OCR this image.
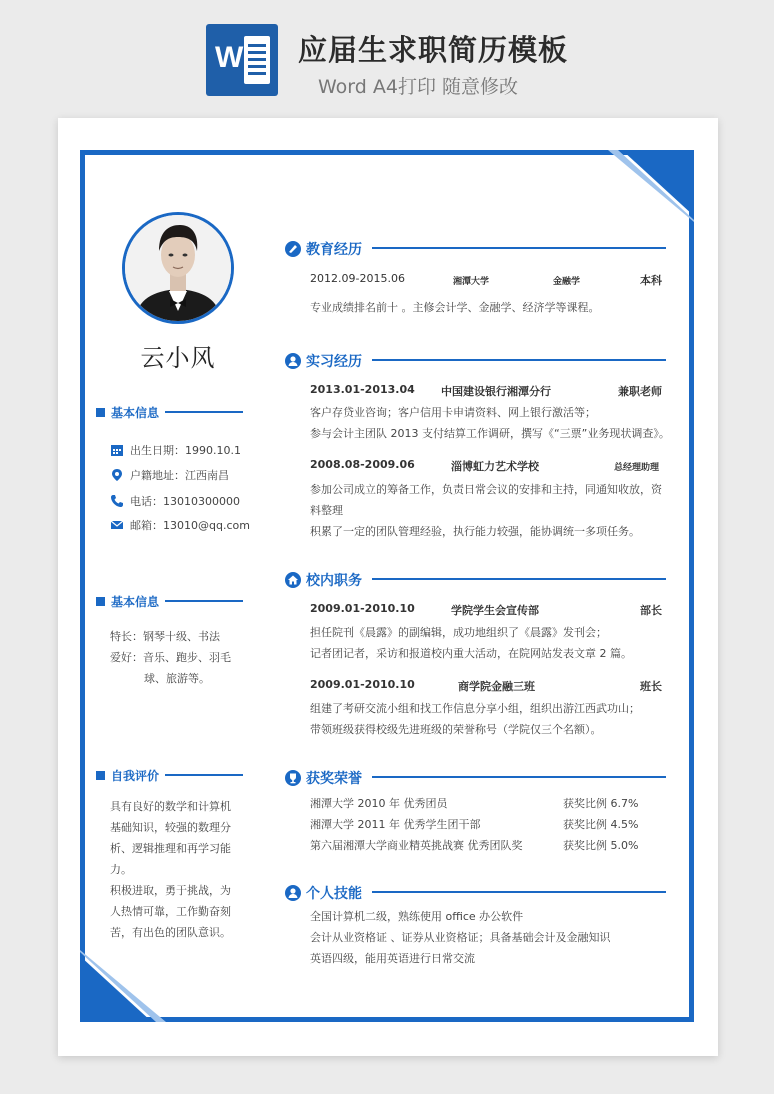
W 应届生求职简历模板
Word A4打印 随意修改
云小风
基本信息
出生日期：1990.10.1
户籍地址：江西南昌
电话：13010300000
邮箱：13010@qq.com
基本信息
特长：钢琴十级、书法
爱好：音乐、跑步、羽毛
球、旅游等。
自我评价
具有良好的数学和计算机
基础知识，较强的数理分
析、逻辑推理和再学习能
力。
积极进取，勇于挑战，为
人热情可靠，工作勤奋刻
苦，有出色的团队意识。
教育经历
2012.09-2015.06	湘潭大学	金融学	本科
专业成绩排名前十 。主修会计学、金融学、经济学等课程。
实习经历
2013.01-2013.04 中国建设银行湘潭分行	兼职老师
客户存贷业咨询；客户信用卡申请资料、网上银行激活等；
参与会计主团队 2013 支付结算工作调研，撰写《“三票”业务现状调查》。
2008.08-2009.06	淄博虹力艺术学校	总经理助理
参加公司成立的筹备工作，负责日常会议的安排和主持，同通知收放，资
料整理
积累了一定的团队管理经验，执行能力较强，能协调统一多项任务。
校内职务
2009.01-2010.10	学院学生会宣传部	部长
担任院刊《晨露》的副编辑，成功地组织了《晨露》发刊会；
记者团记者，采访和报道校内重大活动，在院网站发表文章 2 篇。
2009.01-2010.10	商学院金融三班	班长
组建了考研交流小组和找工作信息分享小组，组织出游江西武功山；
带领班级获得校级先进班级的荣誉称号（学院仅三个名额）。
获奖荣誉
湘潭大学 2010 年 优秀团员	获奖比例 6.7%
湘潭大学 2011 年 优秀学生团干部	获奖比例 4.5%
第六届湘潭大学商业精英挑战赛 优秀团队奖	获奖比例 5.0%
个人技能
全国计算机二级，熟练使用 office 办公软件
会计从业资格证 、证券从业资格证；具备基础会计及金融知识
英语四级，能用英语进行日常交流
